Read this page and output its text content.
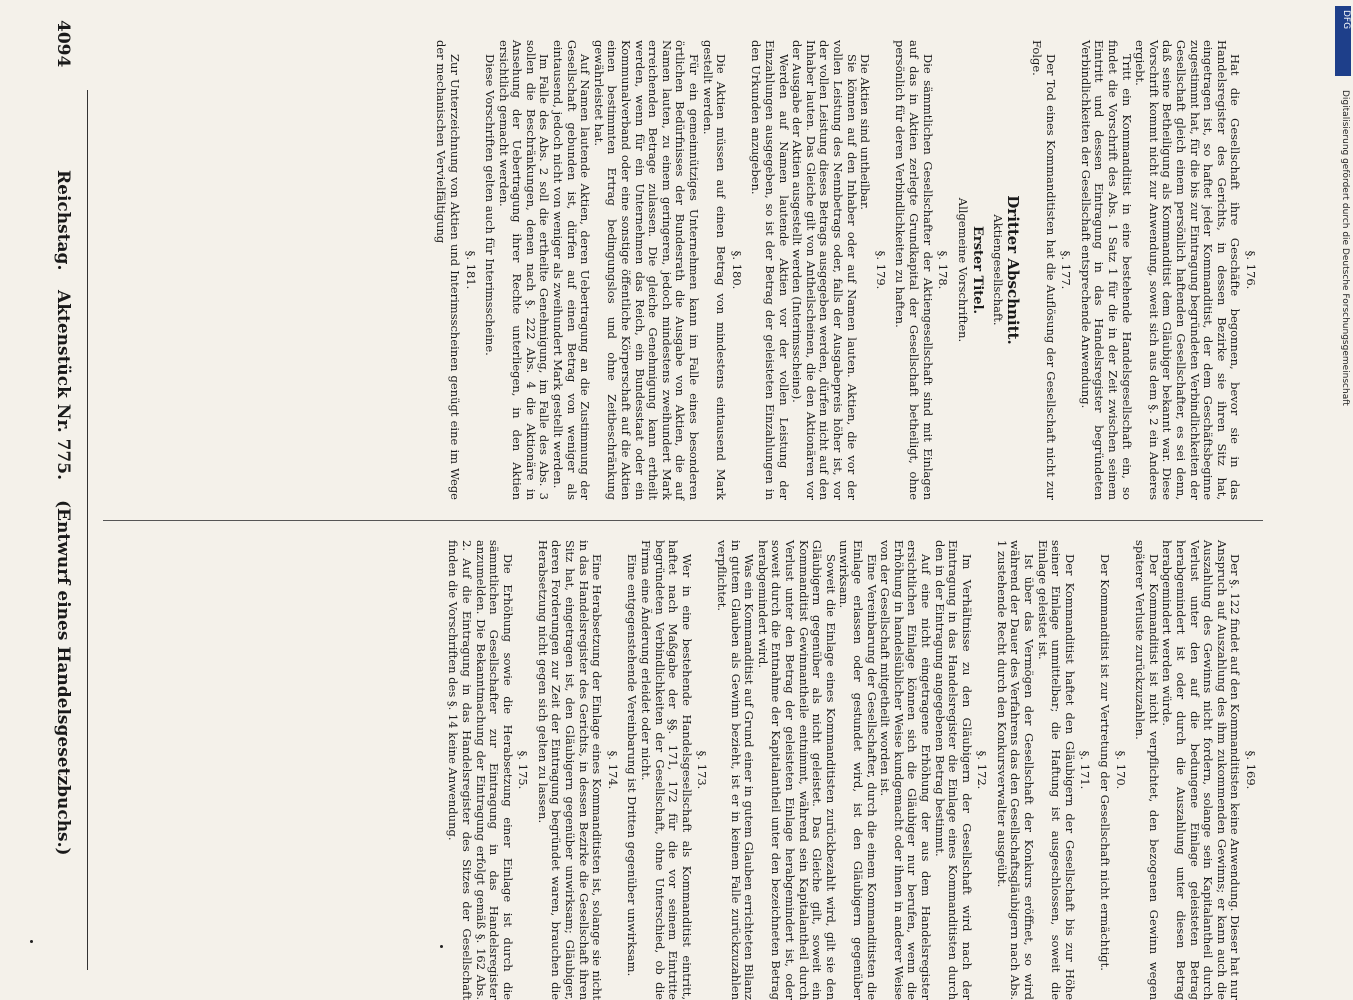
4094
Reichstag.
Aktenstück Nr. 775.
(Entwurf eines Handelsgesetzbuchs.)	§. 169.

Der §. 122 findet auf den Kommanditisten keine Anwendung. Dieser hat nur Anspruch auf Auszahlung des ihm zukommenden Gewinns; er kann auch die Auszahlung des Gewinns nicht fordern, solange sein Kapitalantheil durch Verlust unter den auf die bedungene Einlage geleisteten Betrag herabgemindert ist oder durch die Auszahlung unter diesen Betrag herabgemindert werden würde.

Der Kommanditist ist nicht verpflichtet, den bezogenen Gewinn wegen späterer Verluste zurückzuzahlen.

§. 170.

Der Kommanditist ist zur Vertretung der Gesellschaft nicht ermächtigt.

§. 171.

Der Kommanditist haftet den Gläubigern der Gesellschaft bis zur Höhe seiner Einlage unmittelbar; die Haftung ist ausgeschlossen, soweit die Einlage geleistet ist.

Ist über das Vermögen der Gesellschaft der Konkurs eröffnet, so wird während der Dauer des Verfahrens das den Gesellschaftsgläubigern nach Abs. 1 zustehende Recht durch den Konkursverwalter ausgeübt.

§. 172.

Im Verhältnisse zu den Gläubigern der Gesellschaft wird nach der Eintragung in das Handelsregister die Einlage eines Kommanditisten durch den in der Eintragung angegebenen Betrag bestimmt.

Auf eine nicht eingetragene Erhöhung der aus dem Handelsregister ersichtlichen Einlage können sich die Gläubiger nur berufen, wenn die Erhöhung in handelsüblicher Weise kundgemacht oder ihnen in anderer Weise von der Gesellschaft mitgetheilt worden ist.

Eine Vereinbarung der Gesellschafter, durch die einem Kommanditisten die Einlage erlassen oder gestundet wird, ist den Gläubigern gegenüber unwirksam.

Soweit die Einlage eines Kommanditisten zurückbezahlt wird, gilt sie den Gläubigern gegenüber als nicht geleistet. Das Gleiche gilt, soweit ein Kommanditist Gewinnantheile entnimmt, während sein Kapitalantheil durch Verlust unter den Betrag der geleisteten Einlage herabgemindert ist, oder soweit durch die Entnahme der Kapitalantheil unter den bezeichneten Betrag herabgemindert wird.

Was ein Kommanditist auf Grund einer in gutem Glauben errichteten Bilanz in gutem Glauben als Gewinn bezieht, ist er in keinem Falle zurückzuzahlen verpflichtet.

§. 173.

Wer in eine bestehende Handelsgesellschaft als Kommanditist eintritt, haftet nach Maßgabe der §§. 171, 172 für die vor seinem Eintritte begründeten Verbindlichkeiten der Gesellschaft, ohne Unterschied, ob die Firma eine Änderung erleidet oder nicht.

Eine entgegenstehende Vereinbarung ist Dritten gegenüber unwirksam.

§. 174.

Eine Herabsetzung der Einlage eines Kommanditisten ist, solange sie nicht in das Handelsregister des Gerichts, in dessen Bezirke die Gesellschaft ihren Sitz hat, eingetragen ist, den Gläubigern gegenüber unwirksam; Gläubiger, deren Forderungen zur Zeit der Eintragung begründet waren, brauchen die Herabsetzung nicht gegen sich gelten zu lassen.

§. 175.

Die Erhöhung sowie die Herabsetzung einer Einlage ist durch die sämmtlichen Gesellschafter zur Eintragung in das Handelsregister anzumelden. Die Bekanntmachung der Eintragung erfolgt gemäß §. 162 Abs. 2. Auf die Eintragung in das Handelsregister des Sitzes der Gesellschaft finden die Vorschriften des §. 14 keine Anwendung.

§. 176.

Hat die Gesellschaft ihre Geschäfte begonnen, bevor sie in das Handelsregister des Gerichts, in dessen Bezirke sie ihren Sitz hat, eingetragen ist, so haftet jeder Kommanditist, der dem Geschäftsbeginne zugestimmt hat, für die bis zur Eintragung begründeten Verbindlichkeiten der Gesellschaft gleich einem persönlich haftenden Gesellschafter, es sei denn, daß seine Betheiligung als Kommanditist dem Gläubiger bekannt war. Diese Vorschrift kommt nicht zur Anwendung, soweit sich aus dem §. 2 ein Anderes ergiebt.

Tritt ein Kommanditist in eine bestehende Handelsgesellschaft ein, so findet die Vorschrift des Abs. 1 Satz 1 für die in der Zeit zwischen seinem Eintritt und dessen Eintragung in das Handelsregister begründeten Verbindlichkeiten der Gesellschaft entsprechende Anwendung.

§. 177.

Der Tod eines Kommanditisten hat die Auflösung der Gesellschaft nicht zur Folge.

Dritter Abschnitt.

Aktiengesellschaft.

Erster Titel.

Allgemeine Vorschriften.

§. 178.

Die sämmtlichen Gesellschafter der Aktiengesellschaft sind mit Einlagen auf das in Aktien zerlegte Grundkapital der Gesellschaft betheiligt, ohne persönlich für deren Verbindlichkeiten zu haften.

§. 179.

Die Aktien sind untheilbar.

Sie können auf den Inhaber oder auf Namen lauten. Aktien, die vor der vollen Leistung des Nennbetrags oder, falls der Ausgabepreis höher ist, vor der vollen Leistung dieses Betrags ausgegeben werden, dürfen nicht auf den Inhaber lauten. Das Gleiche gilt von Antheilscheinen, die den Aktionären vor der Ausgabe der Aktien ausgestellt werden (Interimsscheine).

Werden auf Namen lautende Aktien vor der vollen Leistung der Einzahlungen ausgegeben, so ist der Betrag der geleisteten Einzahlungen in den Urkunden anzugeben.

§. 180.

Die Aktien müssen auf einen Betrag von mindestens eintausend Mark gestellt werden.

Für ein gemeinnütziges Unternehmen kann im Falle eines besonderen örtlichen Bedürfnisses der Bundesrath die Ausgabe von Aktien, die auf Namen lauten, zu einem geringeren, jedoch mindestens zweihundert Mark erreichenden Betrage zulassen. Die gleiche Genehmigung kann ertheilt werden, wenn für ein Unternehmen das Reich, ein Bundesstaat oder ein Kommunalverband oder eine sonstige öffentliche Körperschaft auf die Aktien einen bestimmten Ertrag bedingungslos und ohne Zeitbeschränkung gewährleistet hat.

Auf Namen lautende Aktien, deren Uebertragung an die Zustimmung der Gesellschaft gebunden ist, dürfen auf einen Betrag von weniger als eintausend, jedoch nicht von weniger als zweihundert Mark gestellt werden.

Im Falle des Abs. 2 soll die ertheilte Genehmigung, im Falle des Abs. 3 sollen die Beschränkungen, denen nach §. 222 Abs. 4 die Aktionäre in Ansehung der Uebertragung ihrer Rechte unterliegen, in den Aktien ersichtlich gemacht werden.

Diese Vorschriften gelten auch für Interimsscheine.

§. 181.

Zur Unterzeichnung von Aktien und Interimsscheinen genügt eine im Wege der mechanischen Vervielfältigung

DFG
Digitalisierung gefördert durch die Deutsche Forschungsgemeinschaft
